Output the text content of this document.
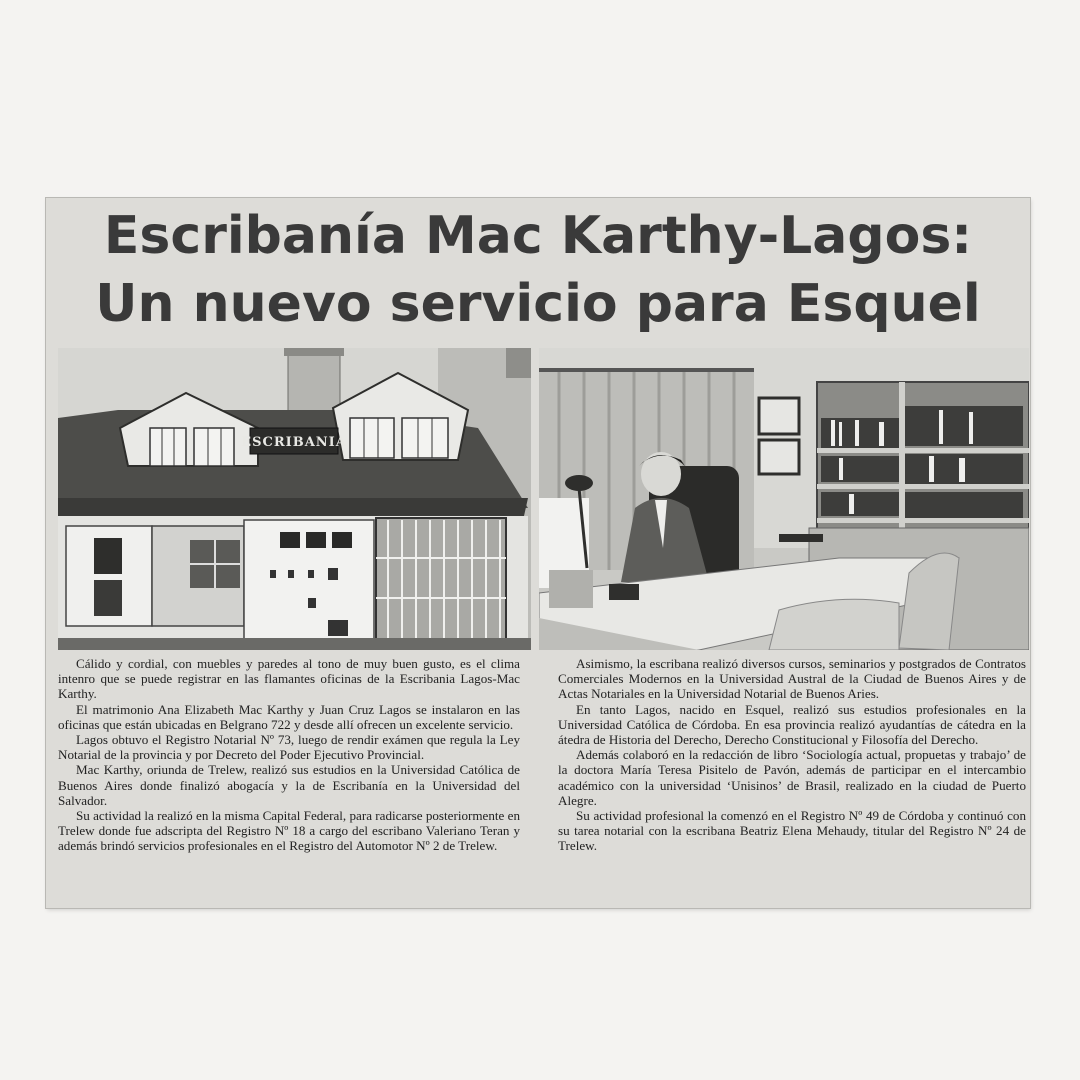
Escribanía Mac Karthy-Lagos:
Un nuevo servicio para Esquel
ESCRIBANIA

Cálido y cordial, con muebles y paredes al tono de muy buen gusto, es el clima intenro que se puede registrar en las flamantes oficinas de la Escribania Lagos-Mac Karthy.

El matrimonio Ana Elizabeth Mac Karthy y Juan Cruz Lagos se instalaron en las oficinas que están ubicadas en Belgrano 722 y desde allí ofrecen un excelente servicio.

Lagos obtuvo el Registro Notarial Nº 73, luego de rendir exámen que regula la Ley Notarial de la provincia y por Decreto del Poder Ejecutivo Provincial.

Mac Karthy, oriunda de Trelew, realizó sus estudios en la Universidad Católica de Buenos Aires donde finalizó abogacía y la de Escribanía en la Universidad del Salvador.

Su actividad la realizó en la misma Capital Federal, para radicarse posteriormente en Trelew donde fue adscripta del Registro Nº 18 a cargo del escribano Valeriano Teran y además brindó servicios profesionales en el Registro del Automotor Nº 2 de Trelew.

Asimismo, la escribana realizó diversos cursos, seminarios y postgrados de Contratos Comerciales Modernos en la Universidad Austral de la Ciudad de Buenos Aires y de Actas Notariales en la Universidad Notarial de Buenos Aries.

En tanto Lagos, nacido en Esquel, realizó sus estudios profesionales en la Universidad Católica de Córdoba. En esa provincia realizó ayudantías de cátedra en la átedra de Historia del Derecho, Derecho Constitucional y Filosofía del Derecho.

Además colaboró en la redacción de libro ‘Sociología actual, propuetas y trabajo’ de la doctora María Teresa Pisitelo de Pavón, además de participar en el intercambio académico con la universidad ‘Unisinos’ de Brasil, realizado en la ciudad de Puerto Alegre.

Su actividad profesional la comenzó en el Registro Nº 49 de Córdoba y continuó con su tarea notarial con la escribana Beatriz Elena Mehaudy, titular del Registro Nº 24 de Trelew.
